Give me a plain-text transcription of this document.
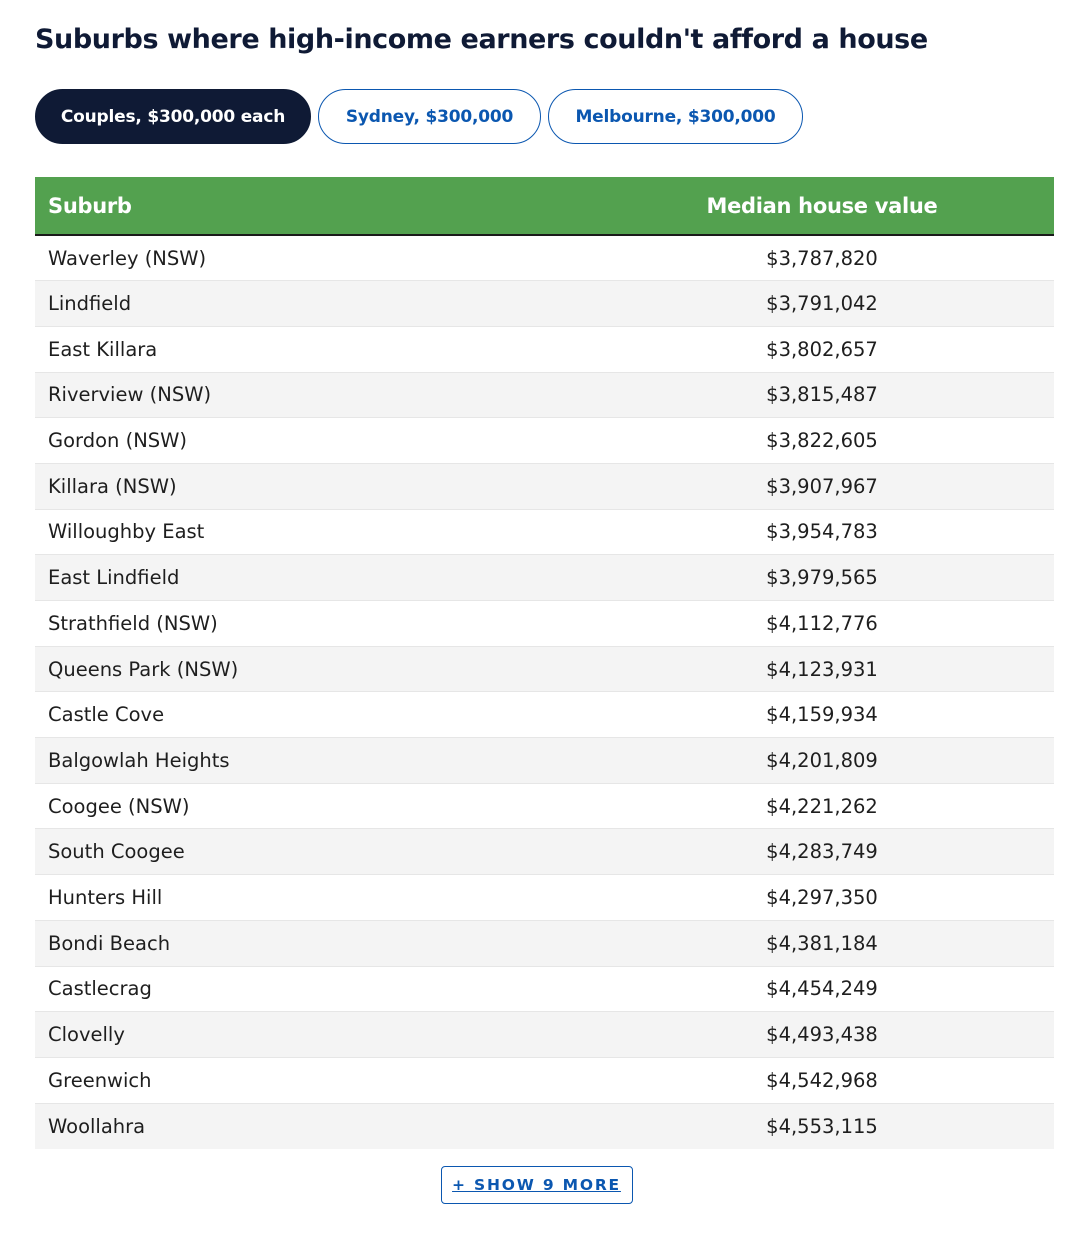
Suburbs where high-income earners couldn't afford a house
Couples, $300,000 each	Sydney, $300,000	Melbourne, $300,000
Suburb	Median house value
Waverley (NSW)	$3,787,820
Lindfield	$3,791,042
East Killara	$3,802,657
Riverview (NSW)	$3,815,487
Gordon (NSW)	$3,822,605
Killara (NSW)	$3,907,967
Willoughby East	$3,954,783
East Lindfield	$3,979,565
Strathfield (NSW)	$4,112,776
Queens Park (NSW)	$4,123,931
Castle Cove	$4,159,934
Balgowlah Heights	$4,201,809
Coogee (NSW)	$4,221,262
South Coogee	$4,283,749
Hunters Hill	$4,297,350
Bondi Beach	$4,381,184
Castlecrag	$4,454,249
Clovelly	$4,493,438
Greenwich	$4,542,968
Woollahra	$4,553,115
+ SHOW 9 MORE
